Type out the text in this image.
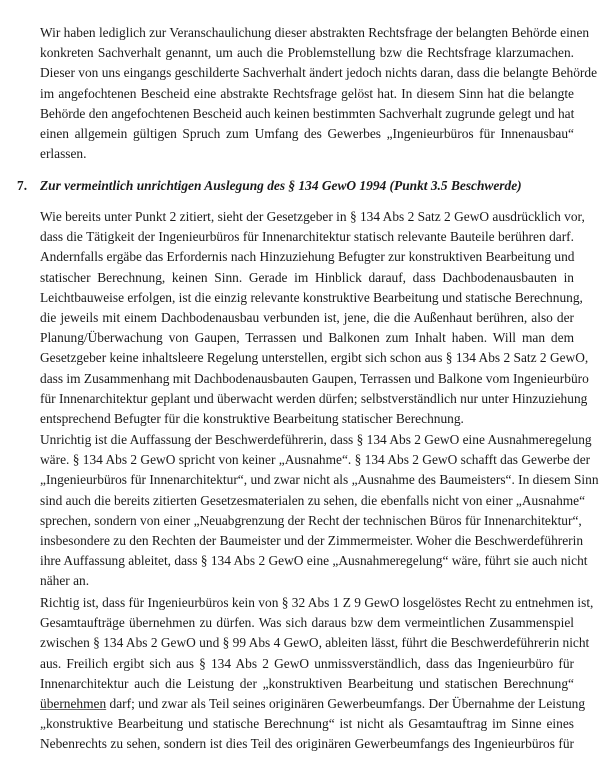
Wir haben lediglich zur Veranschaulichung dieser abstrakten Rechtsfrage der belangten Behörde einen
konkreten Sachverhalt genannt, um auch die Problemstellung bzw die Rechtsfrage klarzumachen.
Dieser von uns eingangs geschilderte Sachverhalt ändert jedoch nichts daran, dass die belangte Behörde
im angefochtenen Bescheid eine abstrakte Rechtsfrage gelöst hat. In diesem Sinn hat die belangte
Behörde den angefochtenen Bescheid auch keinen bestimmten Sachverhalt zugrunde gelegt und hat
einen allgemein gültigen Spruch zum Umfang des Gewerbes „Ingenieurbüros für Innenausbau“
erlassen.
7. Zur vermeintlich unrichtigen Auslegung des § 134 GewO 1994 (Punkt 3.5 Beschwerde)
Wie bereits unter Punkt 2 zitiert, sieht der Gesetzgeber in § 134 Abs 2 Satz 2 GewO ausdrücklich vor,
dass die Tätigkeit der Ingenieurbüros für Innenarchitektur statisch relevante Bauteile berühren darf.
Andernfalls ergäbe das Erfordernis nach Hinzuziehung Befugter zur konstruktiven Bearbeitung und
statischer Berechnung, keinen Sinn. Gerade im Hinblick darauf, dass Dachbodenausbauten in
Leichtbauweise erfolgen, ist die einzig relevante konstruktive Bearbeitung und statische Berechnung,
die jeweils mit einem Dachbodenausbau verbunden ist, jene, die die Außenhaut berühren, also der
Planung/Überwachung von Gaupen, Terrassen und Balkonen zum Inhalt haben. Will man dem
Gesetzgeber keine inhaltsleere Regelung unterstellen, ergibt sich schon aus § 134 Abs 2 Satz 2 GewO,
dass im Zusammenhang mit Dachbodenausbauten Gaupen, Terrassen und Balkone vom Ingenieurbüro
für Innenarchitektur geplant und überwacht werden dürfen; selbstverständlich nur unter Hinzuziehung
entsprechend Befugter für die konstruktive Bearbeitung statischer Berechnung.
Unrichtig ist die Auffassung der Beschwerdeführerin, dass § 134 Abs 2 GewO eine Ausnahmeregelung
wäre. § 134 Abs 2 GewO spricht von keiner „Ausnahme“. § 134 Abs 2 GewO schafft das Gewerbe der
„Ingenieurbüros für Innenarchitektur“, und zwar nicht als „Ausnahme des Baumeisters“. In diesem Sinn
sind auch die bereits zitierten Gesetzesmaterialen zu sehen, die ebenfalls nicht von einer „Ausnahme“
sprechen, sondern von einer „Neuabgrenzung der Recht der technischen Büros für Innenarchitektur“,
insbesondere zu den Rechten der Baumeister und der Zimmermeister. Woher die Beschwerdeführerin
ihre Auffassung ableitet, dass § 134 Abs 2 GewO eine „Ausnahmeregelung“ wäre, führt sie auch nicht
näher an.
Richtig ist, dass für Ingenieurbüros kein von § 32 Abs 1 Z 9 GewO losgelöstes Recht zu entnehmen ist,
Gesamtaufträge übernehmen zu dürfen. Was sich daraus bzw dem vermeintlichen Zusammenspiel
zwischen § 134 Abs 2 GewO und § 99 Abs 4 GewO, ableiten lässt, führt die Beschwerdeführerin nicht
aus. Freilich ergibt sich aus § 134 Abs 2 GewO unmissverständlich, dass das Ingenieurbüro für
Innenarchitektur auch die Leistung der „konstruktiven Bearbeitung und statischen Berechnung“
übernehmen darf; und zwar als Teil seines originären Gewerbeumfangs. Der Übernahme der Leistung
„konstruktive Bearbeitung und statische Berechnung“ ist nicht als Gesamtauftrag im Sinne eines
Nebenrechts zu sehen, sondern ist dies Teil des originären Gewerbeumfangs des Ingenieurbüros für
